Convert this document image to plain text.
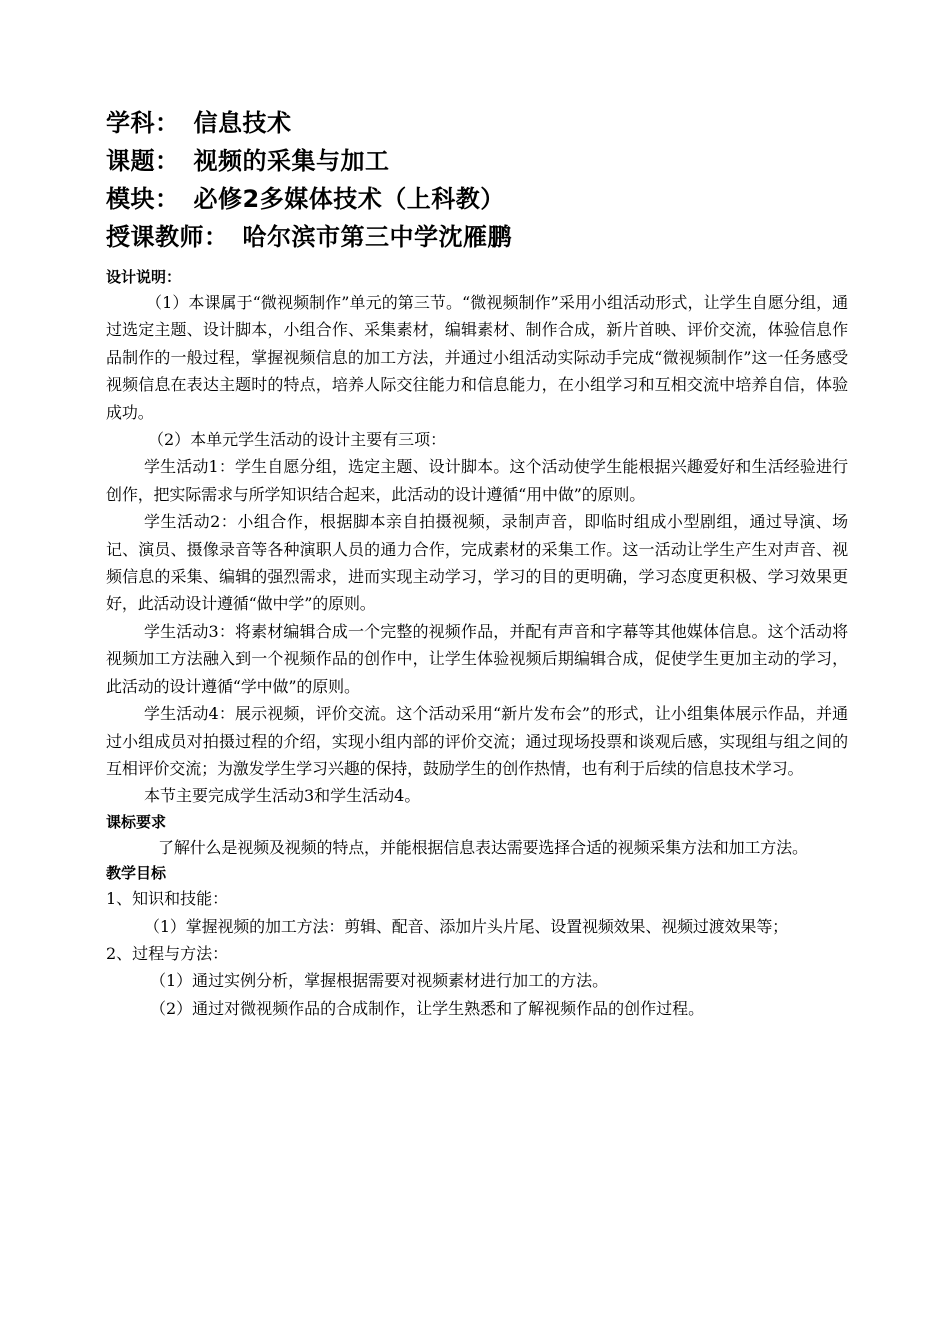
学科： 信息技术
课题： 视频的采集与加工
模块： 必修2多媒体技术（上科教）
授课教师： 哈尔滨市第三中学沈雁鹏
设计说明：
（1）本课属于“微视频制作”单元的第三节。“微视频制作”采用小组活动形式，让学生自愿分组，通过选定主题、设计脚本，小组合作、采集素材，编辑素材、制作合成，新片首映、评价交流，体验信息作品制作的一般过程，掌握视频信息的加工方法，并通过小组活动实际动手完成“微视频制作”这一任务感受视频信息在表达主题时的特点，培养人际交往能力和信息能力，在小组学习和互相交流中培养自信，体验成功。
（2）本单元学生活动的设计主要有三项：
学生活动1：学生自愿分组，选定主题、设计脚本。这个活动使学生能根据兴趣爱好和生活经验进行创作，把实际需求与所学知识结合起来，此活动的设计遵循“用中做”的原则。
学生活动2：小组合作，根据脚本亲自拍摄视频，录制声音，即临时组成小型剧组，通过导演、场记、演员、摄像录音等各种演职人员的通力合作，完成素材的采集工作。这一活动让学生产生对声音、视频信息的采集、编辑的强烈需求，进而实现主动学习，学习的目的更明确，学习态度更积极、学习效果更好，此活动设计遵循“做中学”的原则。
学生活动3：将素材编辑合成一个完整的视频作品，并配有声音和字幕等其他媒体信息。这个活动将视频加工方法融入到一个视频作品的创作中，让学生体验视频后期编辑合成，促使学生更加主动的学习，此活动的设计遵循“学中做”的原则。
学生活动4：展示视频，评价交流。这个活动采用“新片发布会”的形式，让小组集体展示作品，并通过小组成员对拍摄过程的介绍，实现小组内部的评价交流；通过现场投票和谈观后感，实现组与组之间的互相评价交流；为激发学生学习兴趣的保持，鼓励学生的创作热情，也有利于后续的信息技术学习。
本节主要完成学生活动3和学生活动4。
课标要求
了解什么是视频及视频的特点，并能根据信息表达需要选择合适的视频采集方法和加工方法。
教学目标
1、知识和技能：
（1）掌握视频的加工方法：剪辑、配音、添加片头片尾、设置视频效果、视频过渡效果等；
2、过程与方法：
（1）通过实例分析，掌握根据需要对视频素材进行加工的方法。
（2）通过对微视频作品的合成制作，让学生熟悉和了解视频作品的创作过程。
